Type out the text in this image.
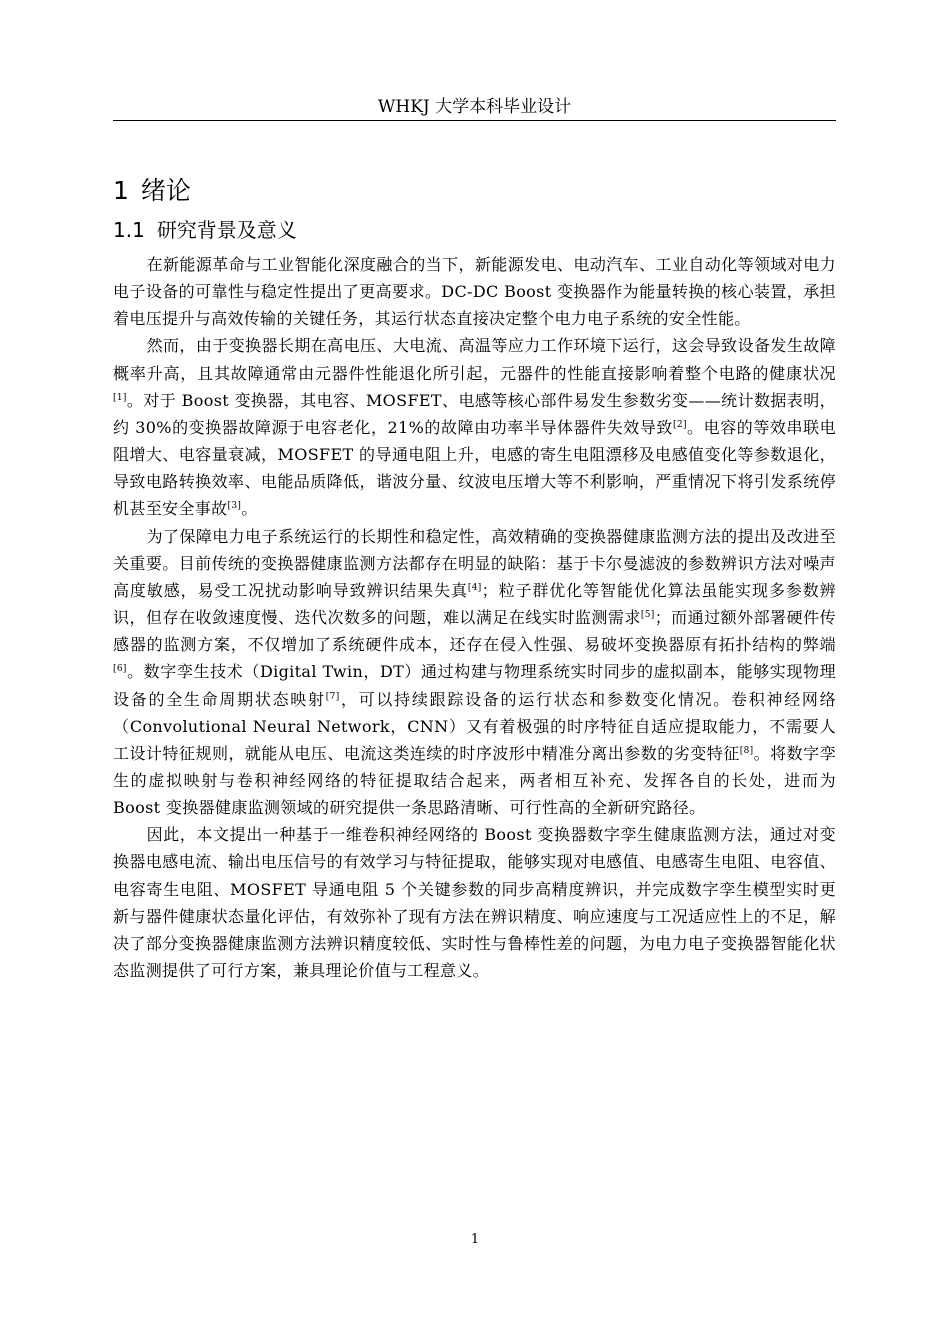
WHKJ 大学本科毕业设计
1 绪论
1.1 研究背景及意义

在新能源革命与工业智能化深度融合的当下，新能源发电、电动汽车、工业自动化等领域对电力电子设备的可靠性与稳定性提出了更高要求。DC-DC Boost 变换器作为能量转换的核心装置，承担着电压提升与高效传输的关键任务，其运行状态直接决定整个电力电子系统的安全性能。

然而，由于变换器长期在高电压、大电流、高温等应力工作环境下运行，这会导致设备发生故障概率升高，且其故障通常由元器件性能退化所引起，元器件的性能直接影响着整个电路的健康状况[1]。对于 Boost 变换器，其电容、MOSFET、电感等核心部件易发生参数劣变——统计数据表明，约 30%的变换器故障源于电容老化，21%的故障由功率半导体器件失效导致[2]。电容的等效串联电阻增大、电容量衰减，MOSFET 的导通电阻上升，电感的寄生电阻漂移及电感值变化等参数退化，导致电路转换效率、电能品质降低，谐波分量、纹波电压增大等不利影响，严重情况下将引发系统停机甚至安全事故[3]。

为了保障电力电子系统运行的长期性和稳定性，高效精确的变换器健康监测方法的提出及改进至关重要。目前传统的变换器健康监测方法都存在明显的缺陷：基于卡尔曼滤波的参数辨识方法对噪声高度敏感，易受工况扰动影响导致辨识结果失真[4]；粒子群优化等智能优化算法虽能实现多参数辨识，但存在收敛速度慢、迭代次数多的问题，难以满足在线实时监测需求[5]；而通过额外部署硬件传感器的监测方案，不仅增加了系统硬件成本，还存在侵入性强、易破坏变换器原有拓扑结构的弊端[6]。数字孪生技术（Digital Twin，DT）通过构建与物理系统实时同步的虚拟副本，能够实现物理设备的全生命周期状态映射[7]，可以持续跟踪设备的运行状态和参数变化情况。卷积神经网络（Convolutional Neural Network，CNN）又有着极强的时序特征自适应提取能力，不需要人工设计特征规则，就能从电压、电流这类连续的时序波形中精准分离出参数的劣变特征[8]。将数字孪生的虚拟映射与卷积神经网络的特征提取结合起来，两者相互补充、发挥各自的长处，进而为 Boost 变换器健康监测领域的研究提供一条思路清晰、可行性高的全新研究路径。

因此，本文提出一种基于一维卷积神经网络的 Boost 变换器数字孪生健康监测方法，通过对变换器电感电流、输出电压信号的有效学习与特征提取，能够实现对电感值、电感寄生电阻、电容值、电容寄生电阻、MOSFET 导通电阻 5 个关键参数的同步高精度辨识，并完成数字孪生模型实时更新与器件健康状态量化评估，有效弥补了现有方法在辨识精度、响应速度与工况适应性上的不足，解决了部分变换器健康监测方法辨识精度较低、实时性与鲁棒性差的问题，为电力电子变换器智能化状态监测提供了可行方案，兼具理论价值与工程意义。

1
